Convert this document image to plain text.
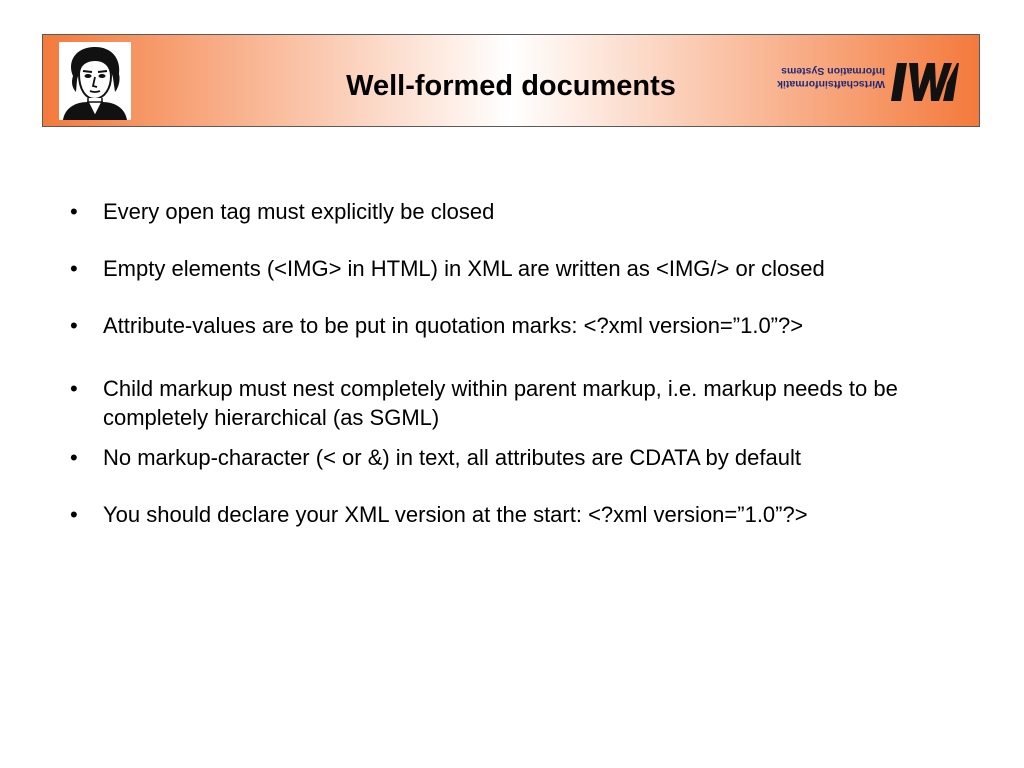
Well-formed documents	Wirtschaftsinformatik
Information Systems
•	Every open tag must explicitly be closed
•	Empty elements (<IMG> in HTML) in XML are written as <IMG/> or closed
•	Attribute-values are to be put in quotation marks: <?xml version=”1.0”?>
•	Child markup must nest completely within parent markup, i.e. markup needs to be completely hierarchical (as SGML)
•	No markup-character (< or &) in text, all attributes are CDATA by default
•	You should declare your XML version at the start: <?xml version=”1.0”?>
